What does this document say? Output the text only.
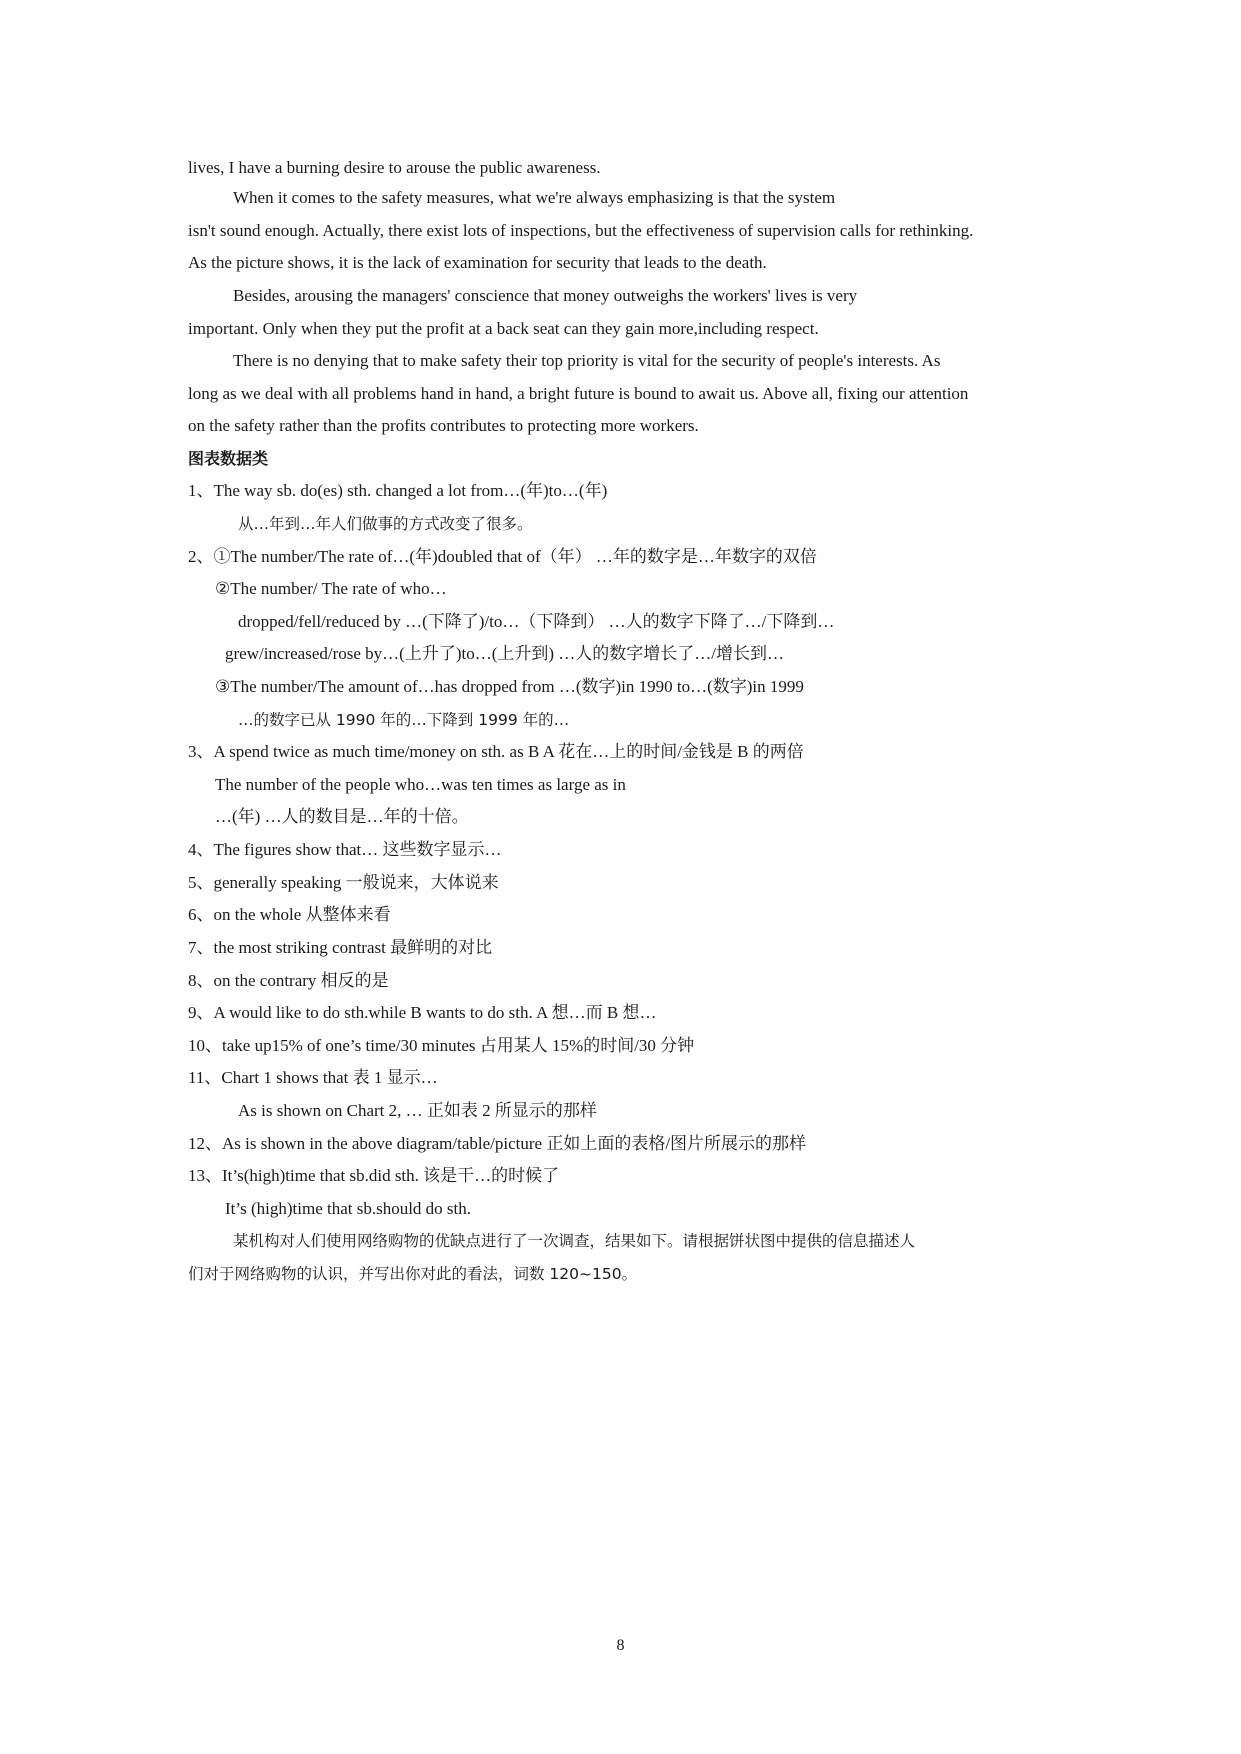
lives, I have a burning desire to arouse the public awareness.
When it comes to the safety measures, what we're always emphasizing is that the system
isn't sound enough. Actually, there exist lots of inspections, but the effectiveness of supervision calls for rethinking.
As the picture shows, it is the lack of examination for security that leads to the death.
Besides, arousing the managers' conscience that money outweighs the workers' lives is very
important. Only when they put the profit at a back seat can they gain more,including respect.
There is no denying that to make safety their top priority is vital for the security of people's interests. As
long as we deal with all problems hand in hand, a bright future is bound to await us. Above all, fixing our attention
on the safety rather than the profits contributes to protecting more workers.
图表数据类
1、The way sb. do(es) sth. changed a lot from…(年)to…(年)
从…年到…年人们做事的方式改变了很多。
2、①The number/The rate of…(年)doubled that of（年） …年的数字是…年数字的双倍
②The number/ The rate of who…
dropped/fell/reduced by …(下降了)/to…（下降到） …人的数字下降了…/下降到…
grew/increased/rose by…(上升了)to…(上升到) …人的数字增长了…/增长到…
③The number/The amount of…has dropped from …(数字)in 1990 to…(数字)in 1999
…的数字已从 1990 年的…下降到 1999 年的…
3、A spend twice as much time/money on sth. as B A 花在…上的时间/金钱是 B 的两倍
The number of the people who…was ten times as large as in
…(年) …人的数目是…年的十倍。
4、The figures show that… 这些数字显示…
5、generally speaking 一般说来，大体说来
6、on the whole 从整体来看
7、the most striking contrast 最鲜明的对比
8、on the contrary 相反的是
9、A would like to do sth.while B wants to do sth. A 想…而 B 想…
10、take up15% of one’s time/30 minutes 占用某人 15%的时间/30 分钟
11、Chart 1 shows that 表 1 显示…
As is shown on Chart 2, … 正如表 2 所显示的那样
12、As is shown in the above diagram/table/picture 正如上面的表格/图片所展示的那样
13、It’s(high)time that sb.did sth. 该是干…的时候了
It’s (high)time that sb.should do sth.
某机构对人们使用网络购物的优缺点进行了一次调查，结果如下。请根据饼状图中提供的信息描述人
们对于网络购物的认识，并写出你对此的看法，词数 120~150。
8
